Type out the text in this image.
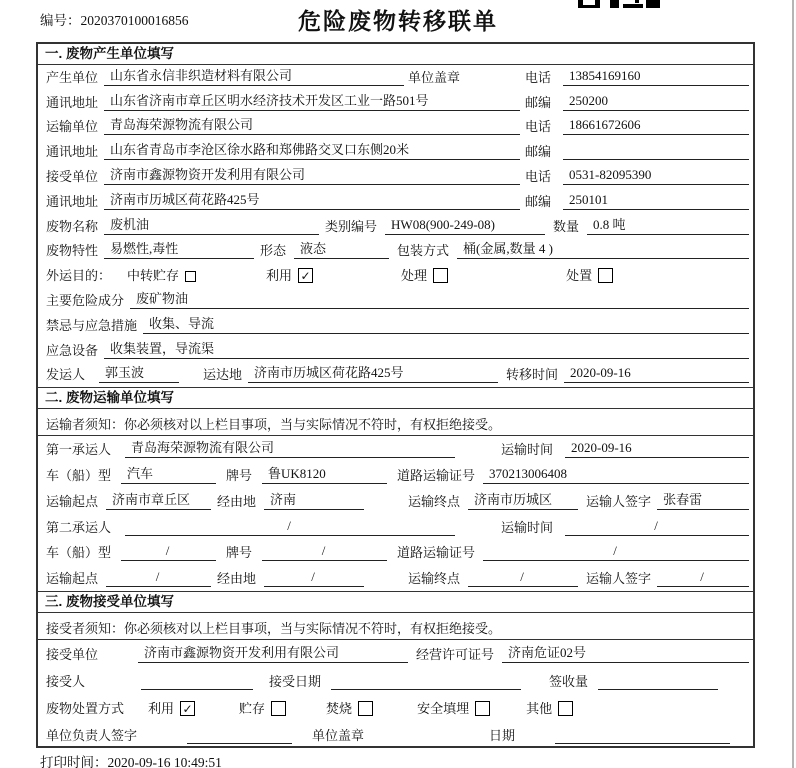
编号：2020370100016856	危险废物转移联单
一. 废物产生单位填写
产生单位 山东省永信非织造材料有限公司	单位盖章	电话	13854169160
通讯地址 山东省济南市章丘区明水经济技术开发区工业一路501号	邮编	250200
运输单位 青岛海荣源物流有限公司	电话	18661672606
通讯地址 山东省青岛市李沧区徐水路和郑佛路交叉口东侧20米	邮编
接受单位 济南市鑫源物资开发利用有限公司	电话	0531-82095390
通讯地址 济南市历城区荷花路425号	邮编	250101
废物名称 废机油	类别编号	HW08(900-249-08)	数量	0.8 吨
废物特性 易燃性,毒性	形态	液态	包装方式	桶(金属,数量 4 )
外运目的： 中转贮存	利用 ✓	处理	处置
主要危险成分 废矿物油
禁忌与应急措施 收集、导流
应急设备 收集装置，导流渠
发运人	郭玉波	运达地 济南市历城区荷花路425号	转移时间 2020-09-16
二. 废物运输单位填写
运输者须知：你必须核对以上栏目事项，当与实际情况不符时，有权拒绝接受。
第一承运人	青岛海荣源物流有限公司	运输时间	2020-09-16
车（船）型	汽车	牌号	鲁UK8120	道路运输证号	370213006408
运输起点	济南市章丘区	经由地	济南	运输终点	济南市历城区	运输人签字 张春雷
第二承运人	/	运输时间	/
车（船）型	/	牌号	/	道路运输证号	/
运输起点	/	经由地	/	运输终点	/	运输人签字	/
三. 废物接受单位填写
接受者须知：你必须核对以上栏目事项，当与实际情况不符时，有权拒绝接受。
接受单位	济南市鑫源物资开发利用有限公司	经营许可证号	济南危证02号
接受人	接受日期	签收量
废物处置方式 利用 ✓	贮存	焚烧	安全填埋	其他
单位负责人签字	单位盖章	日期
打印时间：2020-09-16 10:49:51
